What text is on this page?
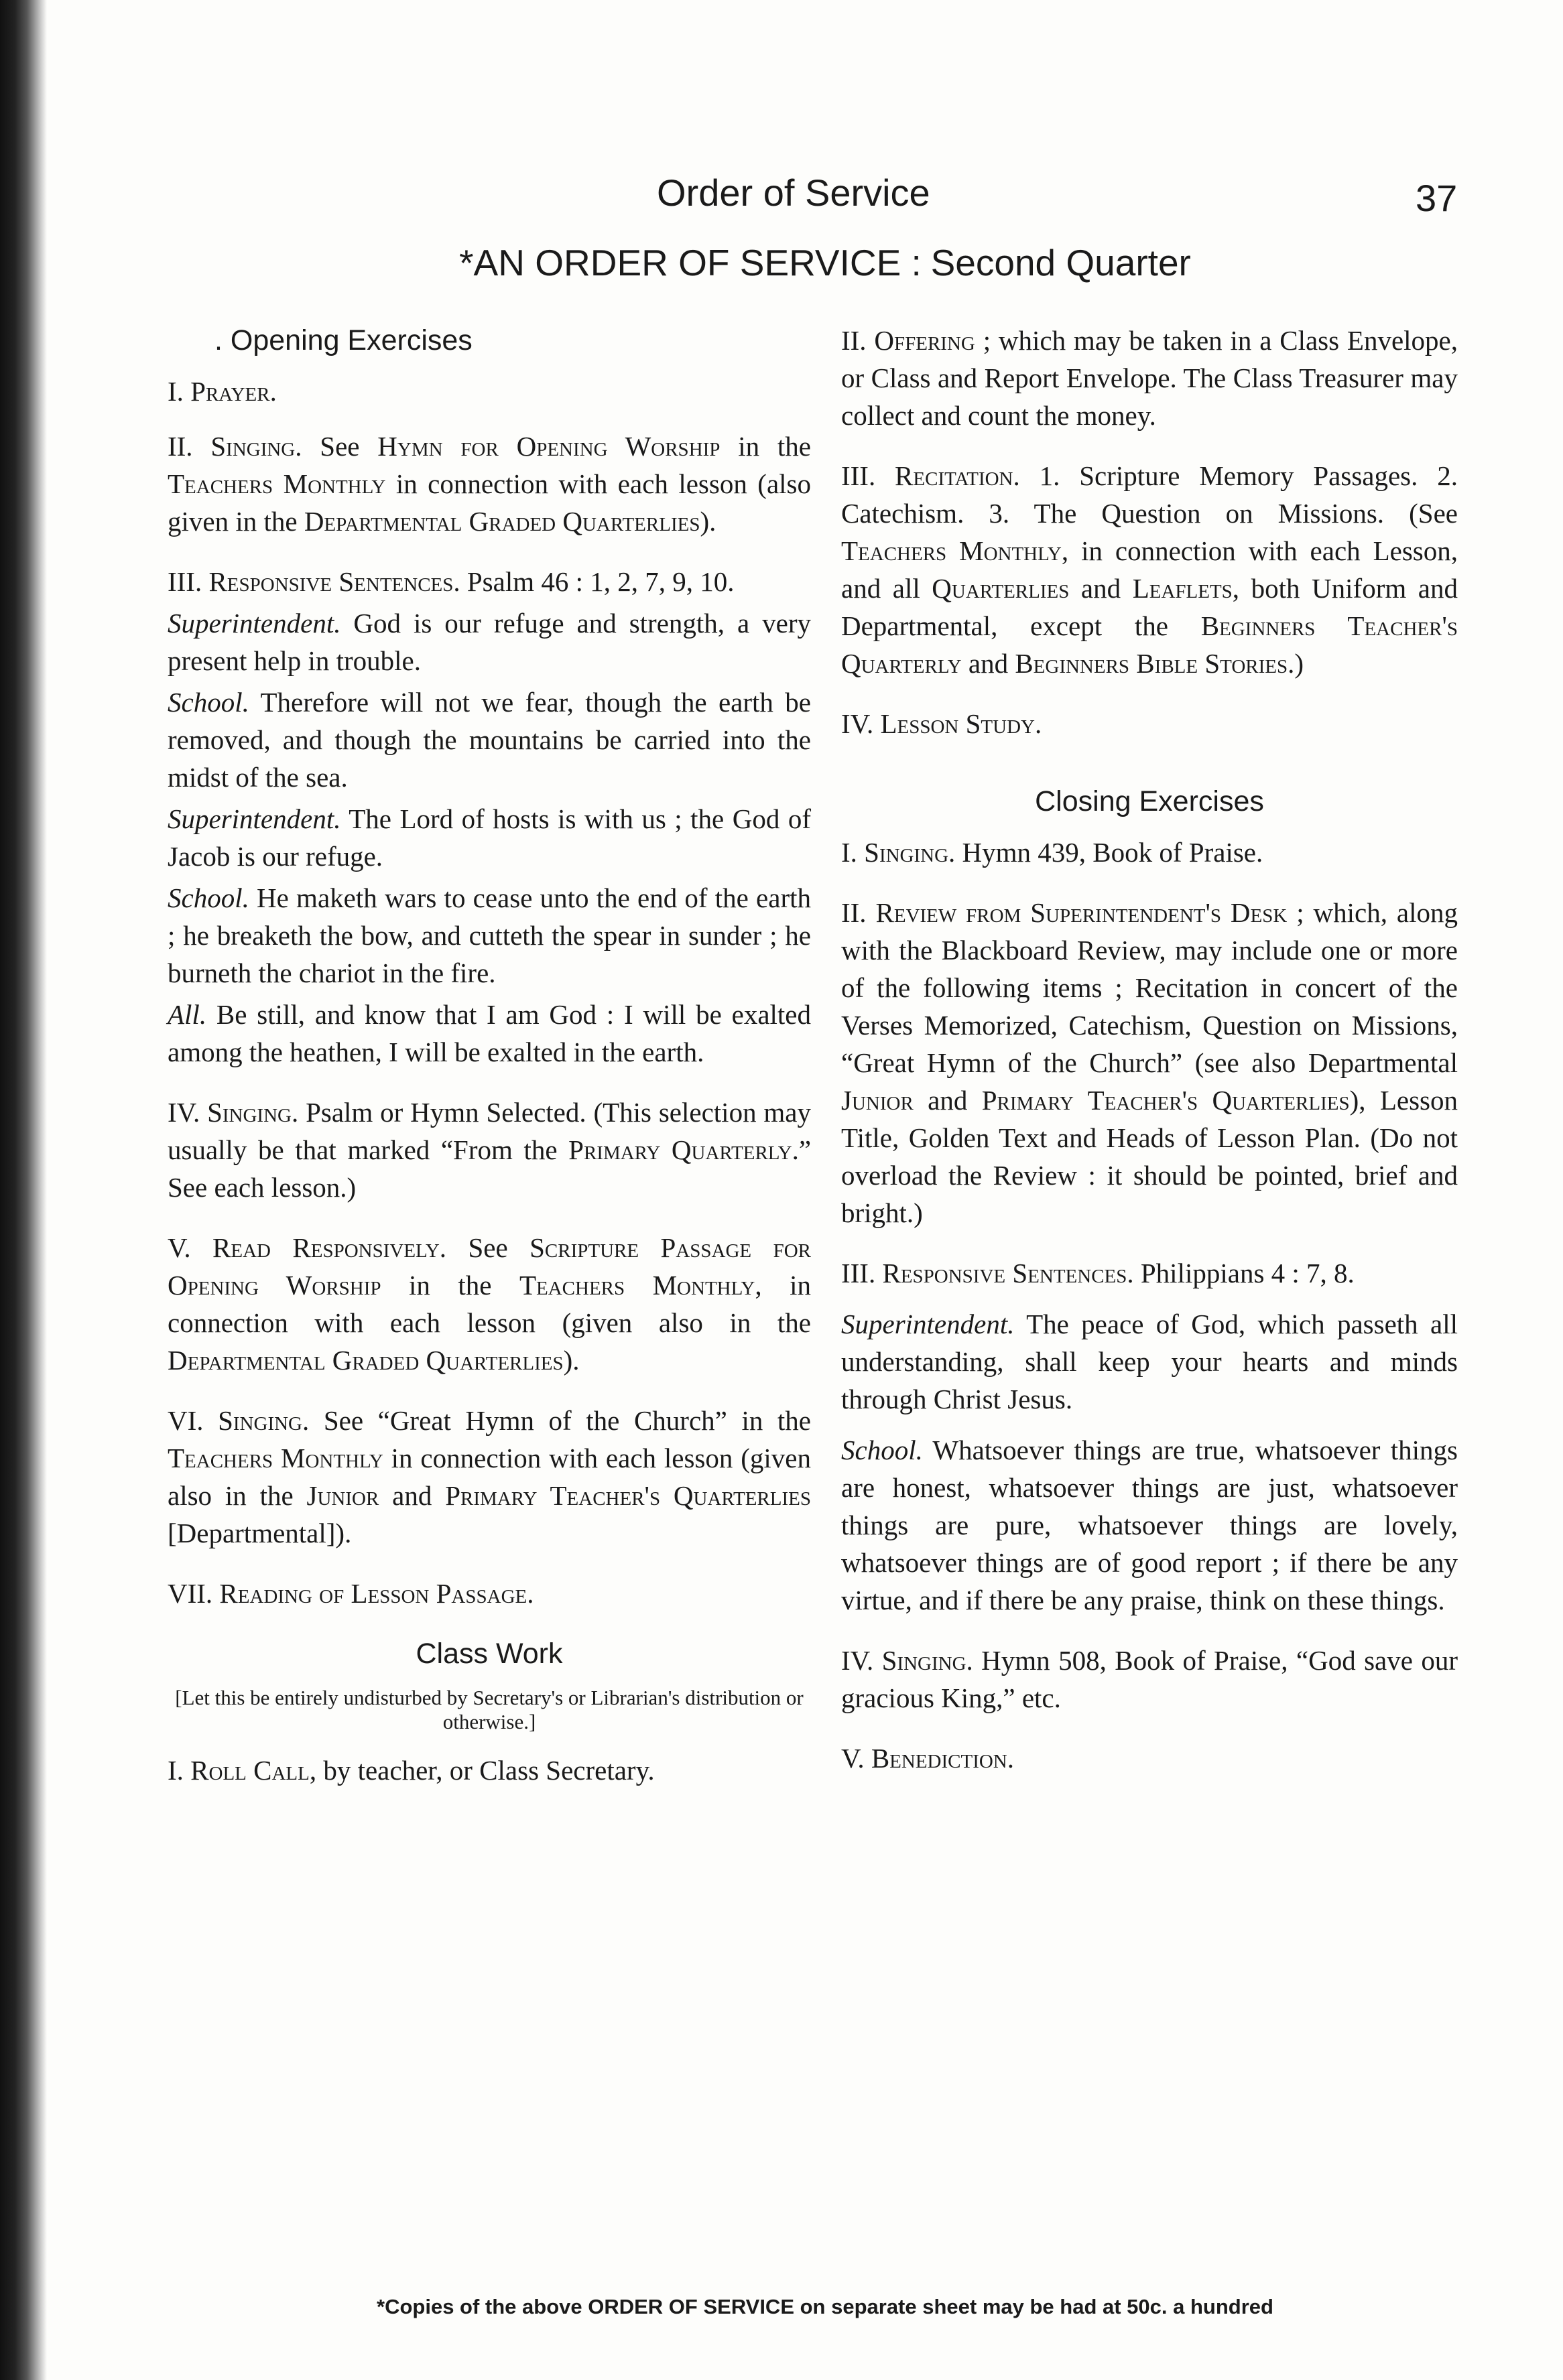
Order of Service	37
*AN ORDER OF SERVICE : Second Quarter
. Opening Exercises

I. Prayer.

II. Singing. See Hymn for Opening Worship in the Teachers Monthly in connection with each lesson (also given in the Departmental Graded Quarterlies).

III. Responsive Sentences. Psalm 46 : 1, 2, 7, 9, 10.

Superintendent. God is our refuge and strength, a very present help in trouble.

School. Therefore will not we fear, though the earth be removed, and though the mountains be carried into the midst of the sea.

Superintendent. The Lord of hosts is with us ; the God of Jacob is our refuge.

School. He maketh wars to cease unto the end of the earth ; he breaketh the bow, and cutteth the spear in sunder ; he burneth the chariot in the fire.

All. Be still, and know that I am God : I will be exalted among the heathen, I will be exalted in the earth.

IV. Singing. Psalm or Hymn Selected. (This selection may usually be that marked “From the Primary Quarterly.” See each lesson.)

V. Read Responsively. See Scripture Passage for Opening Worship in the Teachers Monthly, in connection with each lesson (given also in the Departmental Graded Quarterlies).

VI. Singing. See “Great Hymn of the Church” in the Teachers Monthly in connection with each lesson (given also in the Junior and Primary Teacher's Quarterlies [Departmental]).

VII. Reading of Lesson Passage.

Class Work
[Let this be entirely undisturbed by Secretary's or Librarian's distribution or otherwise.]

I. Roll Call, by teacher, or Class Secretary.

II. Offering ; which may be taken in a Class Envelope, or Class and Report Envelope. The Class Treasurer may collect and count the money.

III. Recitation. 1. Scripture Memory Passages. 2. Catechism. 3. The Question on Missions. (See Teachers Monthly, in connection with each Lesson, and all Quarterlies and Leaflets, both Uniform and Departmental, except the Beginners Teacher's Quarterly and Beginners Bible Stories.)

IV. Lesson Study.

Closing Exercises

I. Singing. Hymn 439, Book of Praise.

II. Review from Superintendent's Desk ; which, along with the Blackboard Review, may include one or more of the following items ; Recitation in concert of the Verses Memorized, Catechism, Question on Missions, “Great Hymn of the Church” (see also Departmental Junior and Primary Teacher's Quarterlies), Lesson Title, Golden Text and Heads of Lesson Plan. (Do not overload the Review : it should be pointed, brief and bright.)

III. Responsive Sentences. Philippians 4 : 7, 8.

Superintendent. The peace of God, which passeth all understanding, shall keep your hearts and minds through Christ Jesus.

School. Whatsoever things are true, whatsoever things are honest, whatsoever things are just, whatsoever things are pure, whatsoever things are lovely, whatsoever things are of good report ; if there be any virtue, and if there be any praise, think on these things.

IV. Singing. Hymn 508, Book of Praise, “God save our gracious King,” etc.

V. Benediction.

*Copies of the above ORDER OF SERVICE on separate sheet may be had at 50c. a hundred
